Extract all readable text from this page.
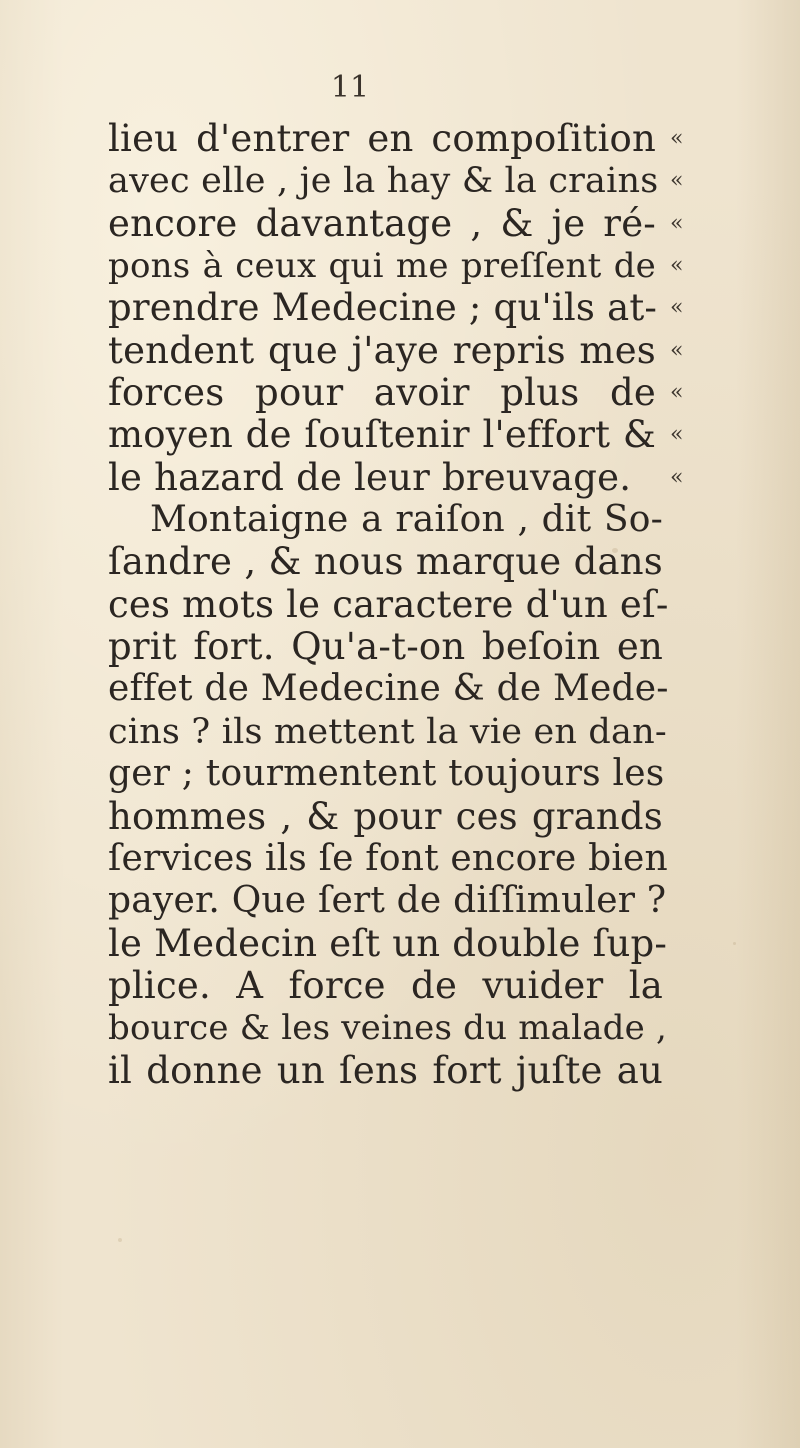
11
lieu d'entrer en compoſition «
avec elle , je la hay & la crains «
encore davantage , & je ré- «
pons à ceux qui me preſſent de «
prendre Medecine ; qu'ils at- «
tendent que j'aye repris mes «
forces pour avoir plus de «
moyen de ſouſtenir l'effort & «
le hazard de leur breuvage.	«
Montaigne a raiſon , dit So-
ſandre , & nous marque dans
ces mots le caractere d'un eſ-
prit fort. Qu'a-t-on beſoin en
effet de Medecine & de Mede-
cins ? ils mettent la vie en dan-
ger ; tourmentent toujours les
hommes , & pour ces grands
ſervices ils ſe font encore bien
payer. Que ſert de diſſimuler ?
le Medecin eſt un double ſup-
plice. A force de vuider la
bource & les veines du malade ,
il donne un ſens fort juſte au
